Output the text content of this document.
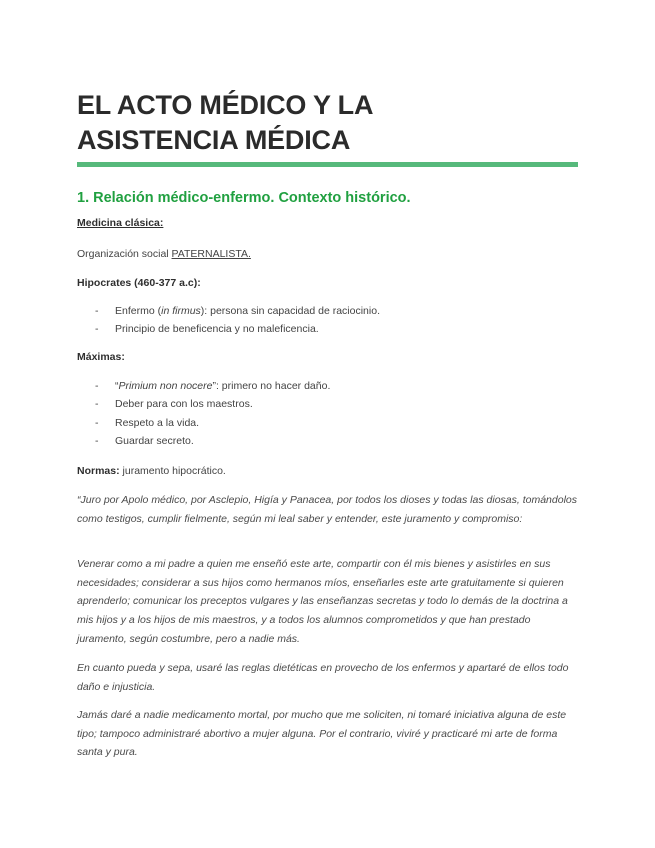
EL ACTO MÉDICO Y LA
ASISTENCIA MÉDICA
1. Relación médico-enfermo. Contexto histórico.

Medicina clásica:

Organización social PATERNALISTA.

Hipocrates (460-377 a.c):

- Enfermo (in firmus): persona sin capacidad de raciocinio.
- Principio de beneficencia y no maleficencia.

Máximas:

- “Primium non nocere”: primero no hacer daño.
- Deber para con los maestros.
- Respeto a la vida.
- Guardar secreto.

Normas: juramento hipocrático.

“Juro por Apolo médico, por Asclepio, Higía y Panacea, por todos los dioses y todas las diosas, tomándolos como testigos, cumplir fielmente, según mi leal saber y entender, este juramento y compromiso:

Venerar como a mi padre a quien me enseñó este arte, compartir con él mis bienes y asistirles en sus necesidades; considerar a sus hijos como hermanos míos, enseñarles este arte gratuitamente si quieren aprenderlo; comunicar los preceptos vulgares y las enseñanzas secretas y todo lo demás de la doctrina a mis hijos y a los hijos de mis maestros, y a todos los alumnos comprometidos y que han prestado juramento, según costumbre, pero a nadie más.

En cuanto pueda y sepa, usaré las reglas dietéticas en provecho de los enfermos y apartaré de ellos todo daño e injusticia.

Jamás daré a nadie medicamento mortal, por mucho que me soliciten, ni tomaré iniciativa alguna de este tipo; tampoco administraré abortivo a mujer alguna. Por el contrario, viviré y practicaré mi arte de forma santa y pura.
